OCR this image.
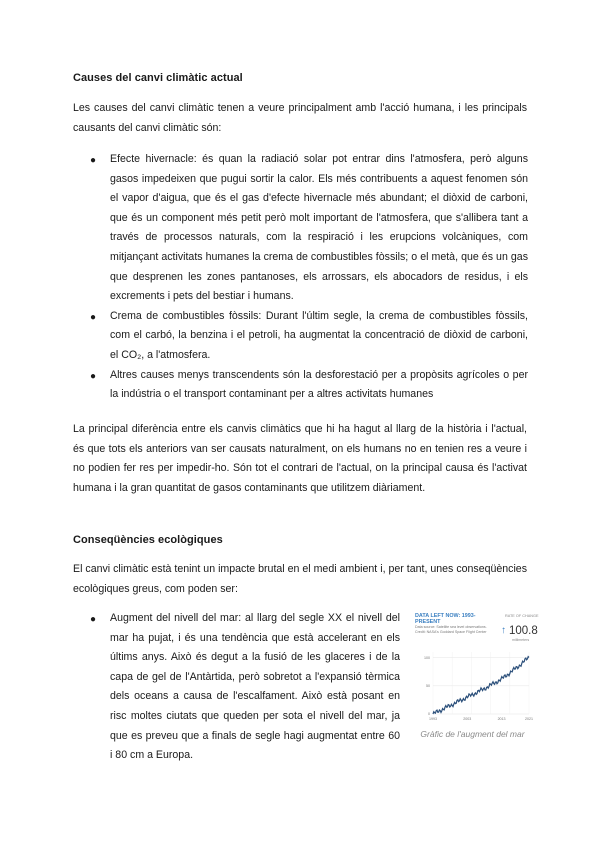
Causes del canvi climàtic actual
Les causes del canvi climàtic tenen a veure principalment amb l'acció humana, i les principals causants del canvi climàtic són:
● Efecte hivernacle: és quan la radiació solar pot entrar dins l'atmosfera, però alguns gasos impedeixen que pugui sortir la calor. Els més contribuents a aquest fenomen són el vapor d'aigua, que és el gas d'efecte hivernacle més abundant; el diòxid de carboni, que és un component més petit però molt important de l'atmosfera, que s'allibera tant a través de processos naturals, com la respiració i les erupcions volcàniques, com mitjançant activitats humanes la crema de combustibles fòssils; o el metà, que és un gas que desprenen les zones pantanoses, els arrossars, els abocadors de residus, i els excrements i pets del bestiar i humans.
● Crema de combustibles fòssils: Durant l'últim segle, la crema de combustibles fòssils, com el carbó, la benzina i el petroli, ha augmentat la concentració de diòxid de carboni, el CO₂, a l'atmosfera.
● Altres causes menys transcendents són la desforestació per a propòsits agrícoles o per la indústria o el transport contaminant per a altres activitats humanes
La principal diferència entre els canvis climàtics que hi ha hagut al llarg de la història i l'actual, és que tots els anteriors van ser causats naturalment, on els humans no en tenien res a veure i no podien fer res per impedir-ho. Són tot el contrari de l'actual, on la principal causa és l'activat humana i la gran quantitat de gasos contaminants que utilitzem diàriament.
Conseqüències ecològiques
El canvi climàtic està tenint un impacte brutal en el medi ambient i, per tant, unes conseqüències ecològiques greus, com poden ser:
● Augment del nivell del mar: al llarg del segle XX el nivell del mar ha pujat, i és una tendència que està accelerant en els últims anys. Això és degut a la fusió de les glaceres i de la capa de gel de l'Antàrtida, però sobretot a l'expansió tèrmica dels oceans a causa de l'escalfament. Això està posant en risc moltes ciutats que queden per sota el nivell del mar, ja que es preveu que a finals de segle hagi augmentat entre 60 i 80 cm a Europa.
DATA LEFT NOW: 1993-
PRESENT
Data source: Satellite sea level observations. Credit: NASA's Goddard Space Flight Center
RATE OF CHANGE
↑ 100.8
millimeters
0
50
100
1993	2003	2013	2021
Gràfic de l'augment del mar
